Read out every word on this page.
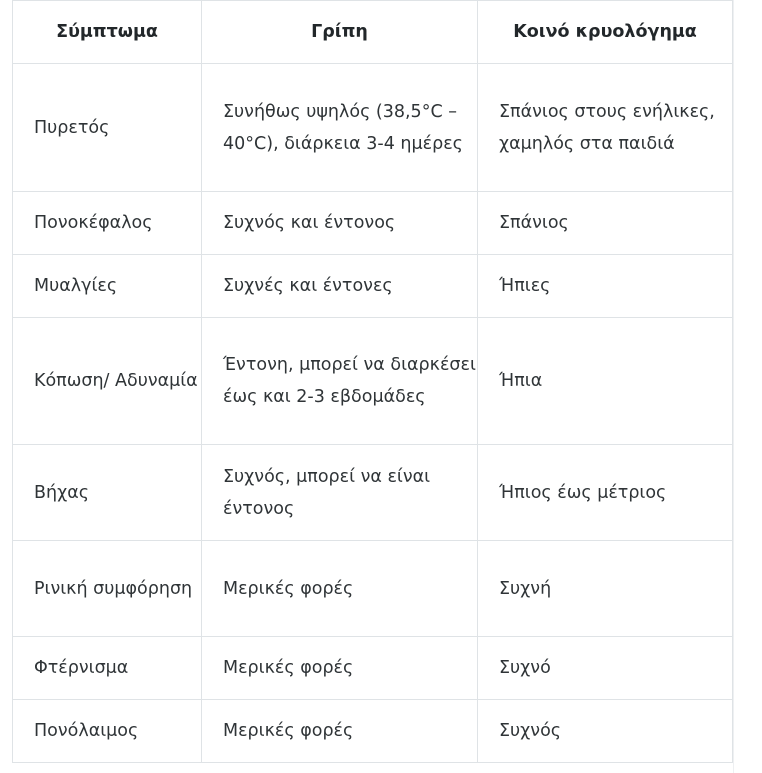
Σύμπτωμα	Γρίπη	Κοινό κρυολόγημα
Πυρετός	Συνήθως υψηλός (38,5°C – 40°C), διάρκεια 3-4 ημέρες	Σπάνιος στους ενήλικες, χαμηλός στα παιδιά
Πονοκέφαλος	Συχνός και έντονος	Σπάνιος
Μυαλγίες	Συχνές και έντονες	Ήπιες
Κόπωση/ Αδυναμία	Έντονη, μπορεί να διαρκέσει έως και 2-3 εβδομάδες	Ήπια
Βήχας	Συχνός, μπορεί να είναι έντονος	Ήπιος έως μέτριος
Ρινική συμφόρηση	Μερικές φορές	Συχνή
Φτέρνισμα	Μερικές φορές	Συχνό
Πονόλαιμος	Μερικές φορές	Συχνός
